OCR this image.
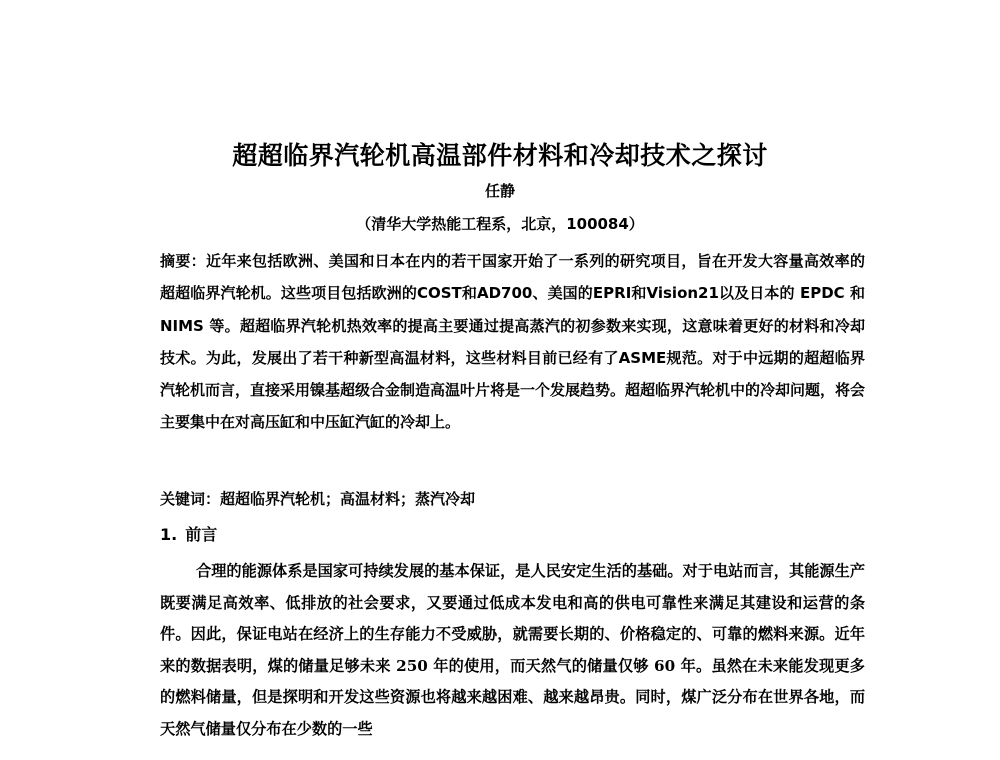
超超临界汽轮机高温部件材料和冷却技术之探讨
任静
（清华大学热能工程系，北京，100084）

摘要：近年来包括欧洲、美国和日本在内的若干国家开始了一系列的研究项目，旨在开发大容量高效率的超超临界汽轮机。这些项目包括欧洲的COST和AD700、美国的EPRI和Vision21以及日本的 EPDC 和 NIMS 等。超超临界汽轮机热效率的提高主要通过提高蒸汽的初参数来实现，这意味着更好的材料和冷却技术。为此，发展出了若干种新型高温材料，这些材料目前已经有了ASME规范。对于中远期的超超临界汽轮机而言，直接采用镍基超级合金制造高温叶片将是一个发展趋势。超超临界汽轮机中的冷却问题，将会主要集中在对高压缸和中压缸汽缸的冷却上。

关键词：超超临界汽轮机；高温材料；蒸汽冷却

1. 前言

合理的能源体系是国家可持续发展的基本保证，是人民安定生活的基础。对于电站而言，其能源生产既要满足高效率、低排放的社会要求，又要通过低成本发电和高的供电可靠性来满足其建设和运营的条件。因此，保证电站在经济上的生存能力不受威胁，就需要长期的、价格稳定的、可靠的燃料来源。近年来的数据表明，煤的储量足够未来 250 年的使用，而天然气的储量仅够 60 年。虽然在未来能发现更多的燃料储量，但是探明和开发这些资源也将越来越困难、越来越昂贵。同时，煤广泛分布在世界各地，而天然气储量仅分布在少数的一些
